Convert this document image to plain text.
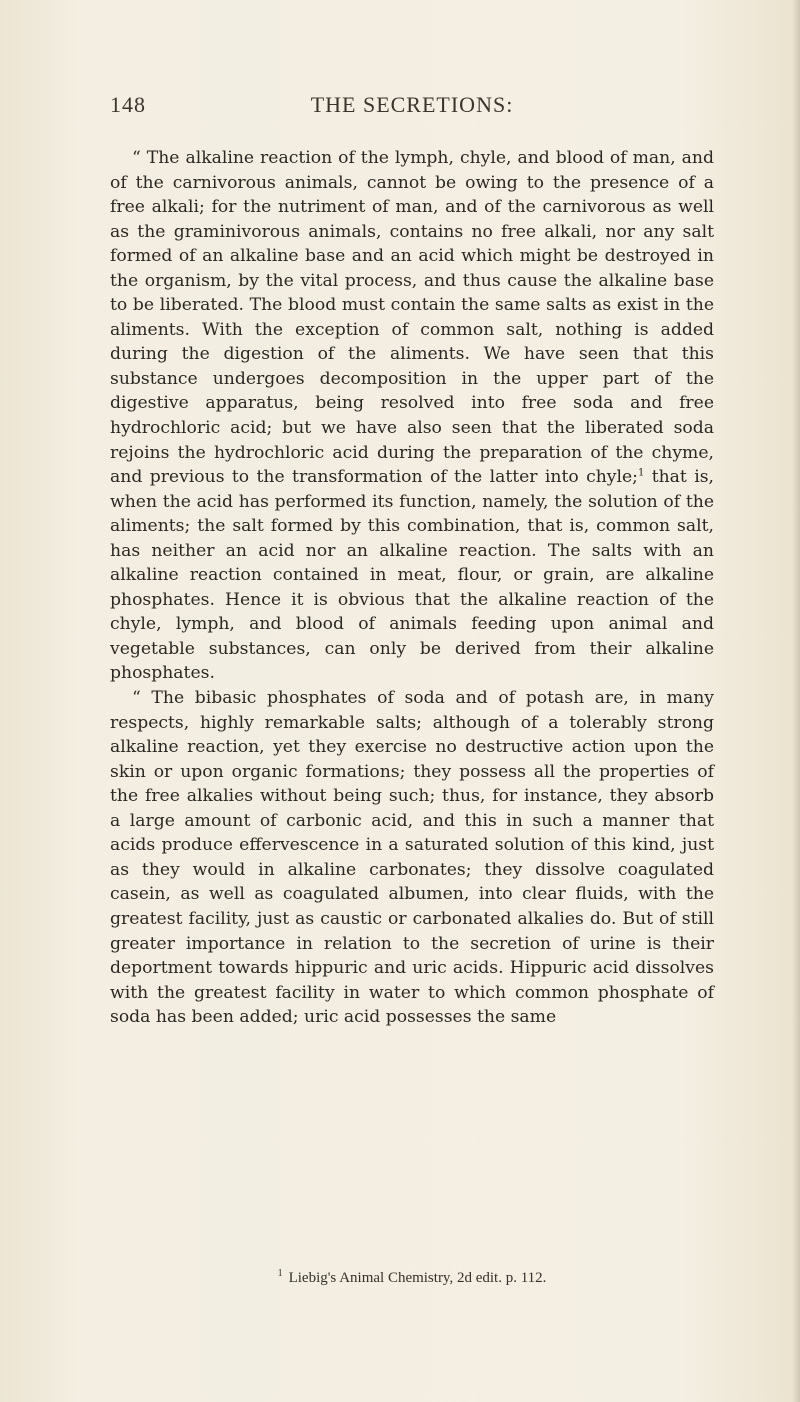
148	THE SECRETIONS:

“ The alkaline reaction of the lymph, chyle, and blood of man, and of the carnivorous animals, cannot be owing to the presence of a free alkali; for the nutriment of man, and of the carnivorous as well as the graminivorous animals, contains no free alkali, nor any salt formed of an alkaline base and an acid which might be destroyed in the organism, by the vital process, and thus cause the alkaline base to be liberated. The blood must contain the same salts as exist in the aliments. With the exception of common salt, nothing is added during the digestion of the aliments. We have seen that this substance undergoes decomposition in the upper part of the digestive apparatus, being resolved into free soda and free hydrochloric acid; but we have also seen that the liberated soda rejoins the hydrochloric acid during the preparation of the chyme, and previous to the transformation of the latter into chyle;$^1$ that is, when the acid has performed its function, namely, the solution of the aliments; the salt formed by this combination, that is, common salt, has neither an acid nor an alkaline reaction. The salts with an alkaline reaction contained in meat, flour, or grain, are alkaline phosphates. Hence it is obvious that the alkaline reaction of the chyle, lymph, and blood of animals feeding upon animal and vegetable substances, can only be derived from their alkaline phosphates.

“ The bibasic phosphates of soda and of potash are, in many respects, highly remarkable salts; although of a tolerably strong alkaline reaction, yet they exercise no destructive action upon the skin or upon organic formations; they possess all the properties of the free alkalies without being such; thus, for instance, they absorb a large amount of carbonic acid, and this in such a manner that acids produce effervescence in a saturated solution of this kind, just as they would in alkaline carbonates; they dissolve coagulated casein, as well as coagulated albumen, into clear fluids, with the greatest facility, just as caustic or carbonated alkalies do. But of still greater importance in relation to the secretion of urine is their deportment towards hippuric and uric acids. Hippuric acid dissolves with the greatest facility in water to which common phosphate of soda has been added; uric acid possesses the same

$^1$ Liebig's Animal Chemistry, 2d edit. p. 112.
